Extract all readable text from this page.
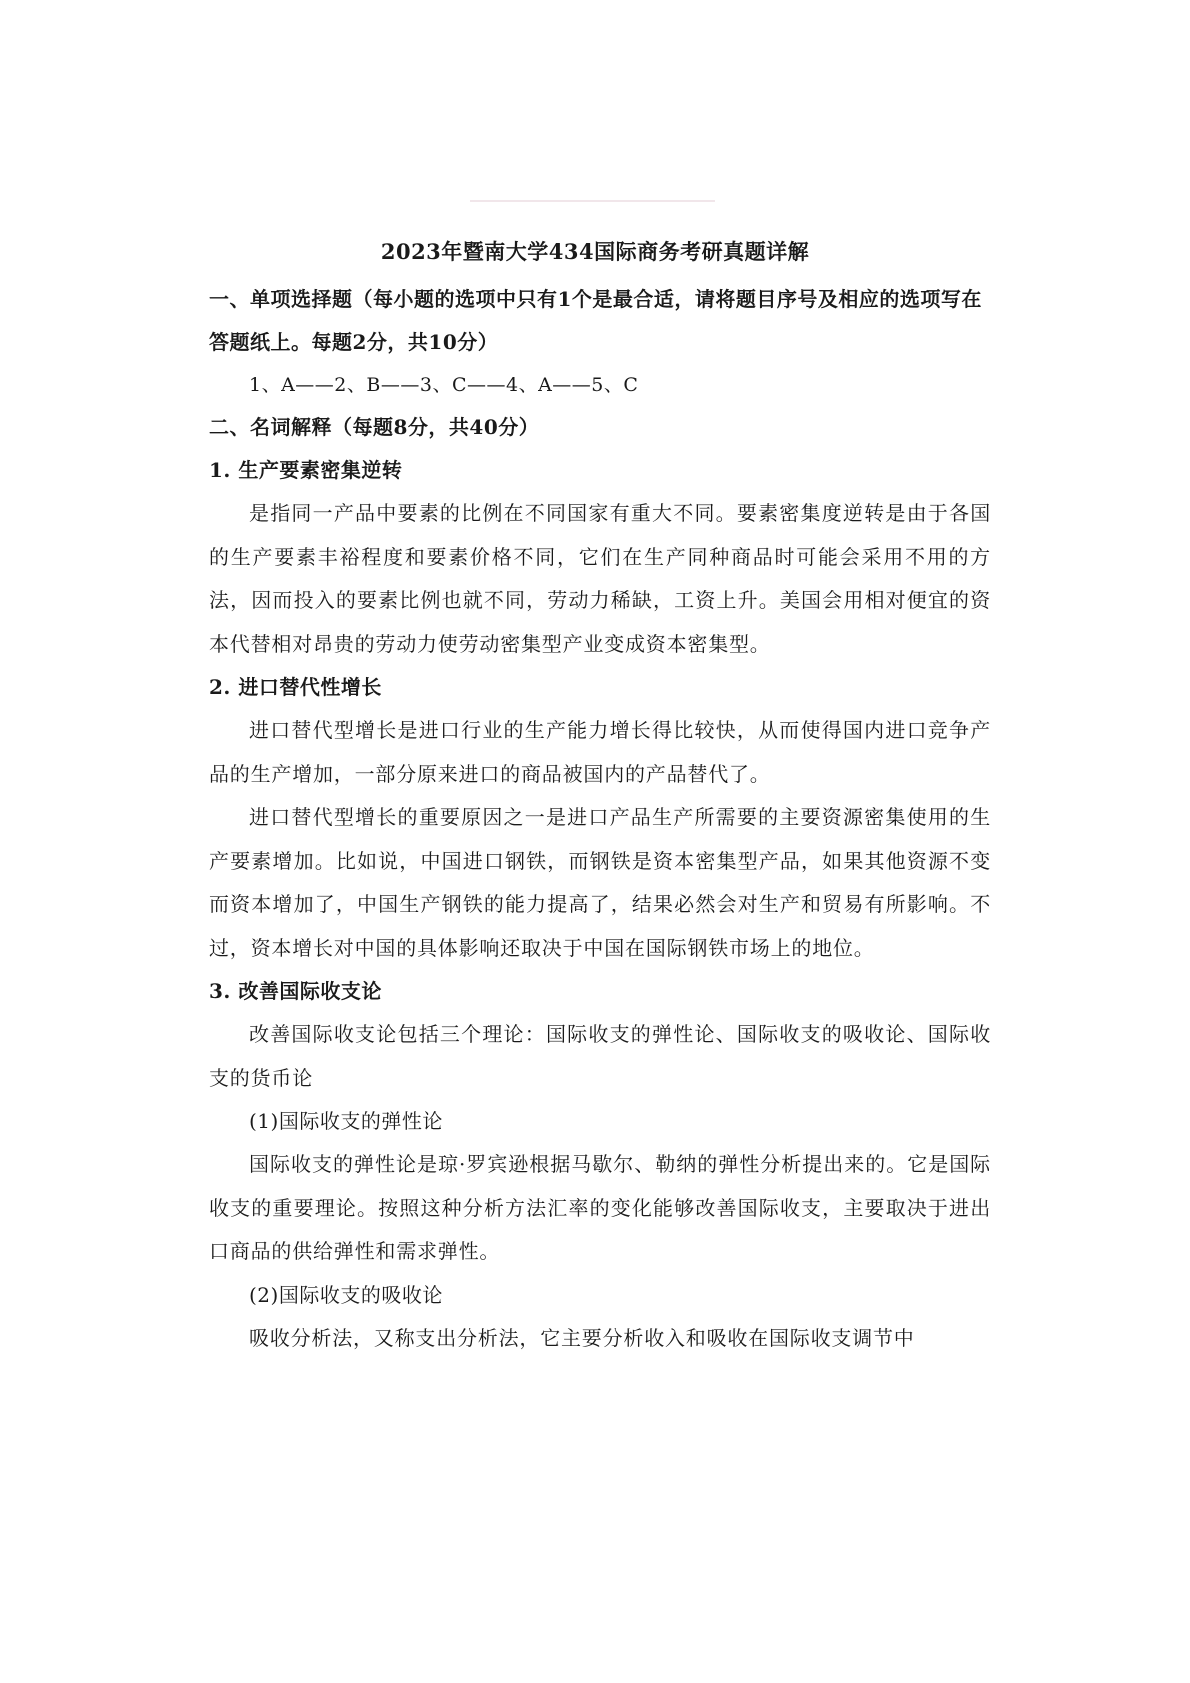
2023年暨南大学434国际商务考研真题详解
一、单项选择题（每小题的选项中只有1个是最合适，请将题目序号及相应的选项写在答题纸上。每题2分，共10分）
1、A——2、B——3、C——4、A——5、C
二、名词解释（每题8分，共40分）
1. 生产要素密集逆转
是指同一产品中要素的比例在不同国家有重大不同。要素密集度逆转是由于各国的生产要素丰裕程度和要素价格不同，它们在生产同种商品时可能会采用不用的方法，因而投入的要素比例也就不同，劳动力稀缺，工资上升。美国会用相对便宜的资本代替相对昂贵的劳动力使劳动密集型产业变成资本密集型。
2. 进口替代性增长
进口替代型增长是进口行业的生产能力增长得比较快，从而使得国内进口竞争产品的生产增加，一部分原来进口的商品被国内的产品替代了。
进口替代型增长的重要原因之一是进口产品生产所需要的主要资源密集使用的生产要素增加。比如说，中国进口钢铁，而钢铁是资本密集型产品，如果其他资源不变而资本增加了，中国生产钢铁的能力提高了，结果必然会对生产和贸易有所影响。不过，资本增长对中国的具体影响还取决于中国在国际钢铁市场上的地位。
3. 改善国际收支论
改善国际收支论包括三个理论：国际收支的弹性论、国际收支的吸收论、国际收支的货币论
(1)国际收支的弹性论
国际收支的弹性论是琼·罗宾逊根据马歇尔、勒纳的弹性分析提出来的。它是国际收支的重要理论。按照这种分析方法汇率的变化能够改善国际收支，主要取决于进出口商品的供给弹性和需求弹性。
(2)国际收支的吸收论
吸收分析法，又称支出分析法，它主要分析收入和吸收在国际收支调节中
